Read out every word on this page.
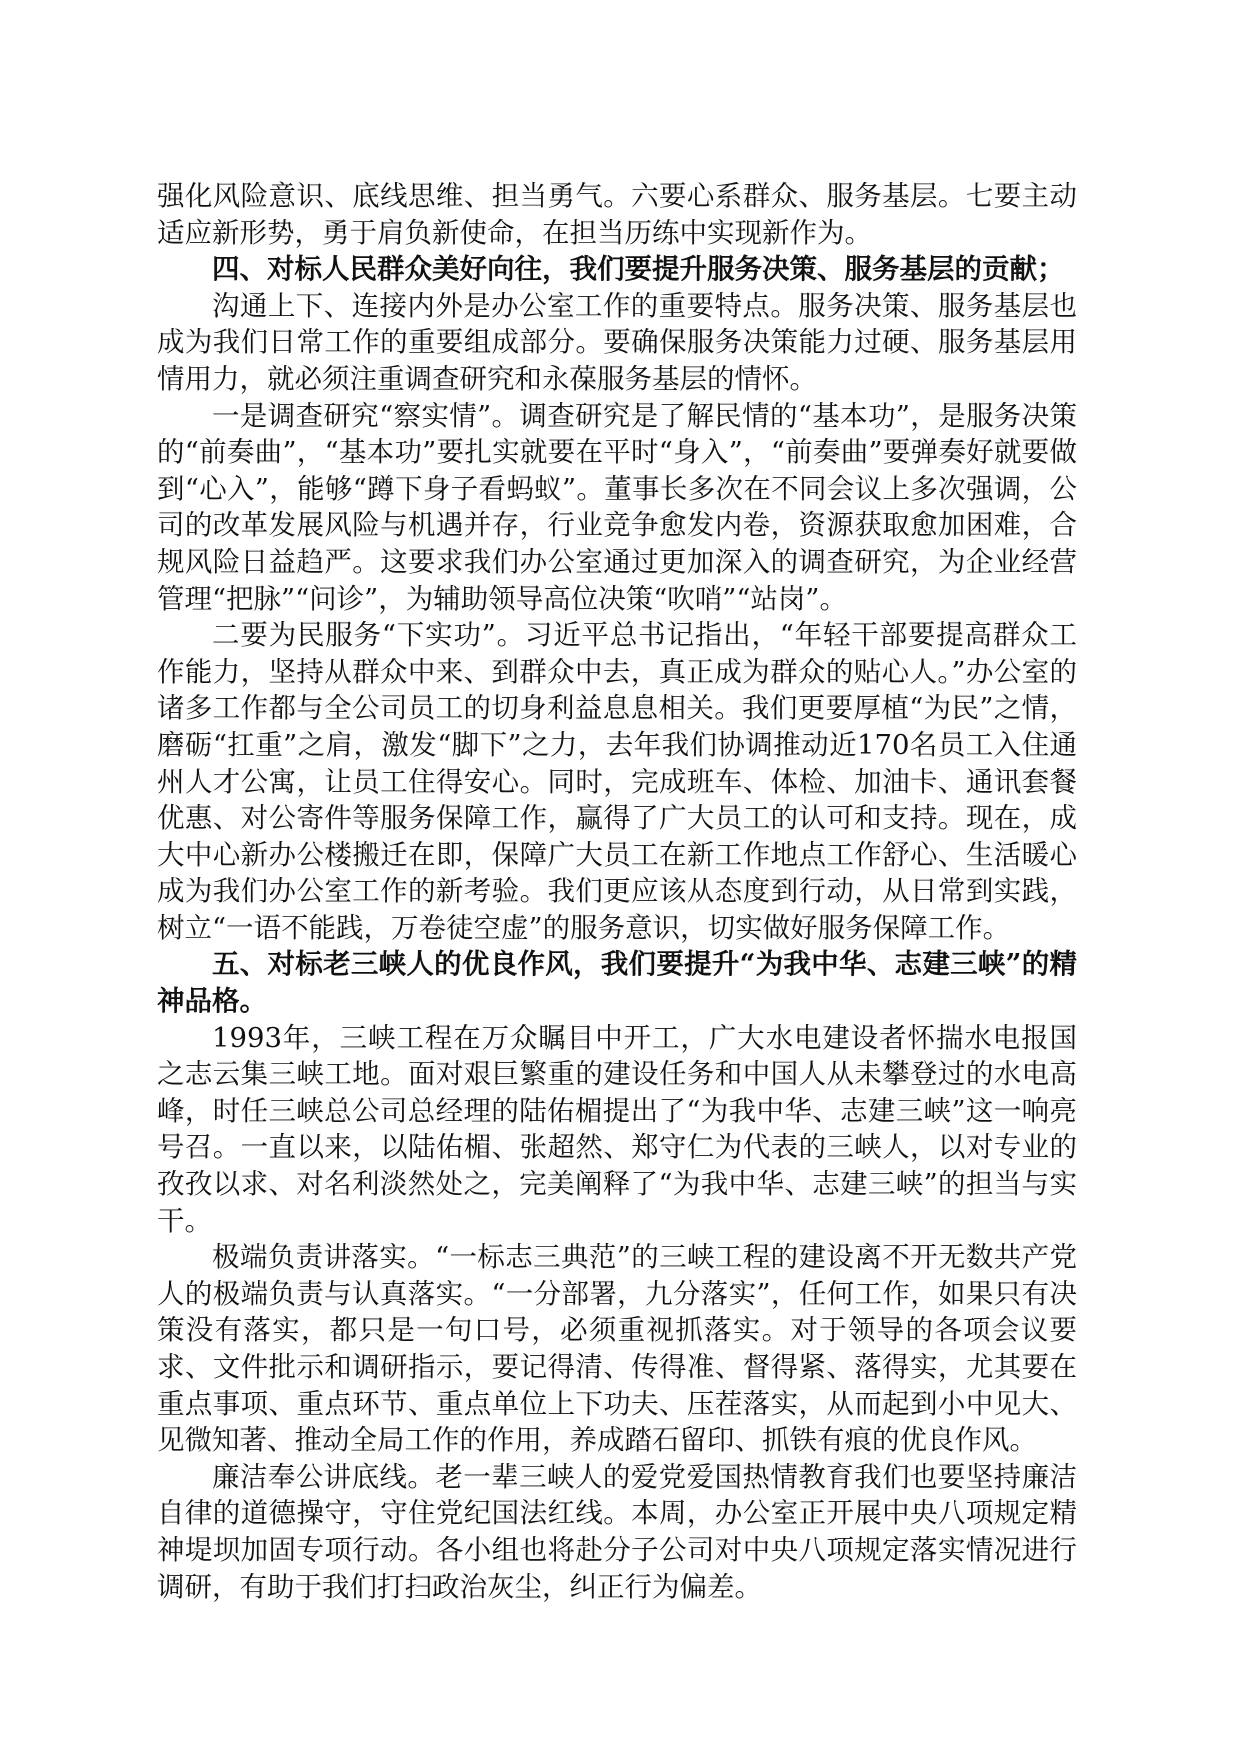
强化风险意识、底线思维、担当勇气。六要心系群众、服务基层。七要主动适应新形势，勇于肩负新使命，在担当历练中实现新作为。

四、对标人民群众美好向往，我们要提升服务决策、服务基层的贡献；

沟通上下、连接内外是办公室工作的重要特点。服务决策、服务基层也成为我们日常工作的重要组成部分。要确保服务决策能力过硬、服务基层用情用力，就必须注重调查研究和永葆服务基层的情怀。

一是调查研究“察实情”。调查研究是了解民情的“基本功”，是服务决策的“前奏曲”，“基本功”要扎实就要在平时“身入”，“前奏曲”要弹奏好就要做到“心入”，能够“蹲下身子看蚂蚁”。董事长多次在不同会议上多次强调，公司的改革发展风险与机遇并存，行业竞争愈发内卷，资源获取愈加困难，合规风险日益趋严。这要求我们办公室通过更加深入的调查研究，为企业经营管理“把脉”“问诊”，为辅助领导高位决策“吹哨”“站岗”。

二要为民服务“下实功”。习近平总书记指出，“年轻干部要提高群众工作能力，坚持从群众中来、到群众中去，真正成为群众的贴心人。”办公室的诸多工作都与全公司员工的切身利益息息相关。我们更要厚植“为民”之情，磨砺“扛重”之肩，激发“脚下”之力，去年我们协调推动近170名员工入住通州人才公寓，让员工住得安心。同时，完成班车、体检、加油卡、通讯套餐优惠、对公寄件等服务保障工作，赢得了广大员工的认可和支持。现在，成大中心新办公楼搬迁在即，保障广大员工在新工作地点工作舒心、生活暖心成为我们办公室工作的新考验。我们更应该从态度到行动，从日常到实践，树立“一语不能践，万卷徒空虚”的服务意识，切实做好服务保障工作。

五、对标老三峡人的优良作风，我们要提升“为我中华、志建三峡”的精神品格。

1993年，三峡工程在万众瞩目中开工，广大水电建设者怀揣水电报国之志云集三峡工地。面对艰巨繁重的建设任务和中国人从未攀登过的水电高峰，时任三峡总公司总经理的陆佑楣提出了“为我中华、志建三峡”这一响亮号召。一直以来，以陆佑楣、张超然、郑守仁为代表的三峡人，以对专业的孜孜以求、对名利淡然处之，完美阐释了“为我中华、志建三峡”的担当与实干。

极端负责讲落实。“一标志三典范”的三峡工程的建设离不开无数共产党人的极端负责与认真落实。“一分部署，九分落实”，任何工作，如果只有决策没有落实，都只是一句口号，必须重视抓落实。对于领导的各项会议要求、文件批示和调研指示，要记得清、传得准、督得紧、落得实，尤其要在重点事项、重点环节、重点单位上下功夫、压茬落实，从而起到小中见大、见微知著、推动全局工作的作用，养成踏石留印、抓铁有痕的优良作风。

廉洁奉公讲底线。老一辈三峡人的爱党爱国热情教育我们也要坚持廉洁自律的道德操守，守住党纪国法红线。本周，办公室正开展中央八项规定精神堤坝加固专项行动。各小组也将赴分子公司对中央八项规定落实情况进行调研，有助于我们打扫政治灰尘，纠正行为偏差。
